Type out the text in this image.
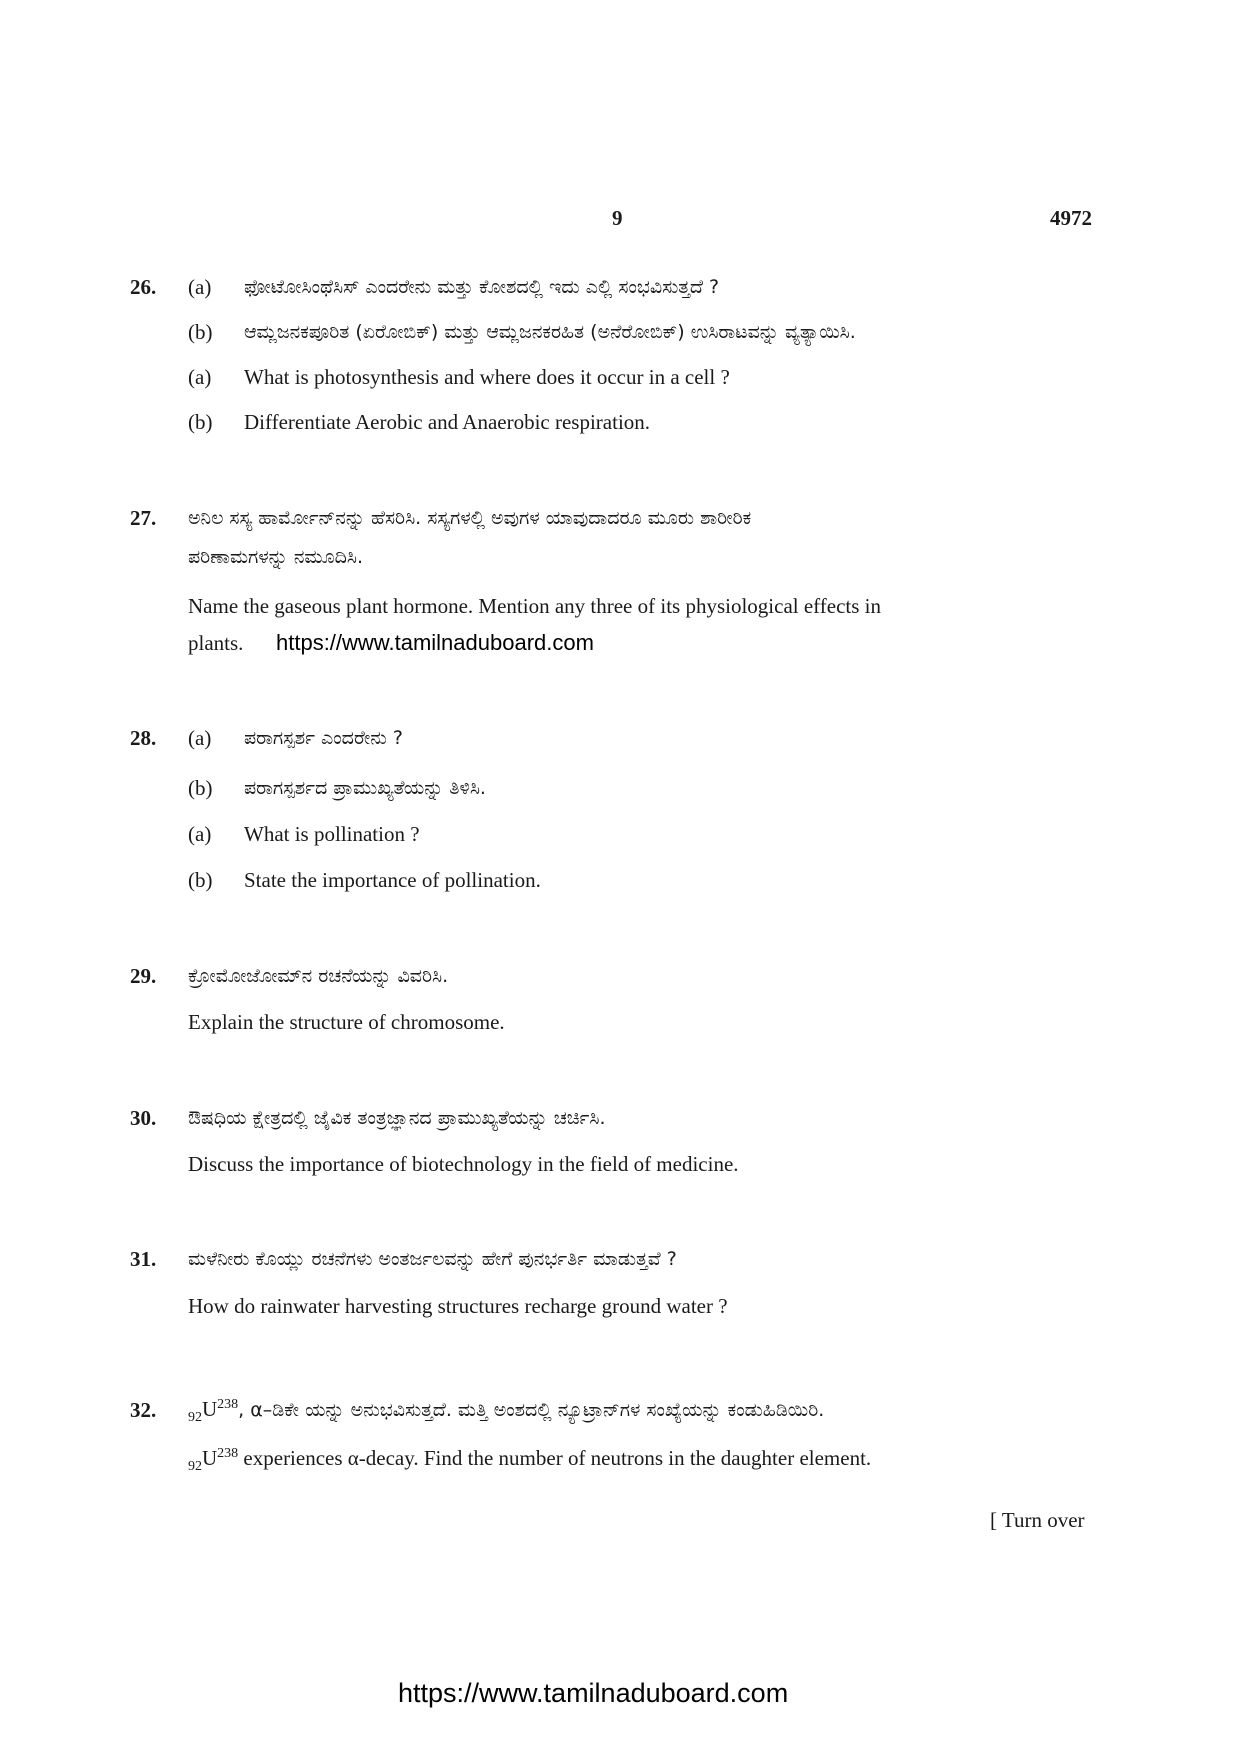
9	4972
26. (a) ಫೋಟೋಸಿಂಥೆಸಿಸ್ ಎಂದರೇನು ಮತ್ತು ಕೋಶದಲ್ಲಿ ಇದು ಎಲ್ಲಿ ಸಂಭವಿಸುತ್ತದೆ ?
(b) ಆಮ್ಲಜನಕಪೂರಿತ (ಏರೋಬಿಕ್) ಮತ್ತು ಆಮ್ಲಜನಕರಹಿತ (ಅನೆರೋಬಿಕ್) ಉಸಿರಾಟವನ್ನು ವ್ಯತ್ಯಾಯಿಸಿ.
(a) What is photosynthesis and where does it occur in a cell ?
(b) Differentiate Aerobic and Anaerobic respiration.
27. ಅನಿಲ ಸಸ್ಯ ಹಾರ್ಮೋನ್‌ನನ್ನು ಹೆಸರಿಸಿ. ಸಸ್ಯಗಳಲ್ಲಿ ಅವುಗಳ ಯಾವುದಾದರೂ ಮೂರು ಶಾರೀರಿಕ
ಪರಿಣಾಮಗಳನ್ನು ನಮೂದಿಸಿ.
Name the gaseous plant hormone. Mention any three of its physiological effects in
plants. https://www.tamilnaduboard.com
28. (a) ಪರಾಗಸ್ಪರ್ಶ ಎಂದರೇನು ?
(b) ಪರಾಗಸ್ಪರ್ಶದ ಪ್ರಾಮುಖ್ಯತೆಯನ್ನು ತಿಳಿಸಿ.
(a) What is pollination ?
(b) State the importance of pollination.
29. ಕ್ರೋಮೋಜೋಮ್‌ನ ರಚನೆಯನ್ನು ವಿವರಿಸಿ.
Explain the structure of chromosome.
30. ಔಷಧಿಯ ಕ್ಷೇತ್ರದಲ್ಲಿ ಜೈವಿಕ ತಂತ್ರಜ್ಞಾನದ ಪ್ರಾಮುಖ್ಯತೆಯನ್ನು ಚರ್ಚಿಸಿ.
Discuss the importance of biotechnology in the field of medicine.
31. ಮಳೆನೀರು ಕೊಯ್ಲು ರಚನೆಗಳು ಅಂತರ್ಜಲವನ್ನು ಹೇಗೆ ಪುನರ್ಭರ್ತಿ ಮಾಡುತ್ತವೆ ?
How do rainwater harvesting structures recharge ground water ?
32. $_{92}U^{238}$, α–ಡಿಕೇ ಯನ್ನು ಅನುಭವಿಸುತ್ತದೆ. ಮತ್ತಿ ಅಂಶದಲ್ಲಿ ನ್ಯೂಟ್ರಾನ್‌ಗಳ ಸಂಖ್ಯೆಯನ್ನು ಕಂಡುಹಿಡಿಯಿರಿ.
$_{92}U^{238}$ experiences α-decay. Find the number of neutrons in the daughter element.
[ Turn over
https://www.tamilnaduboard.com
